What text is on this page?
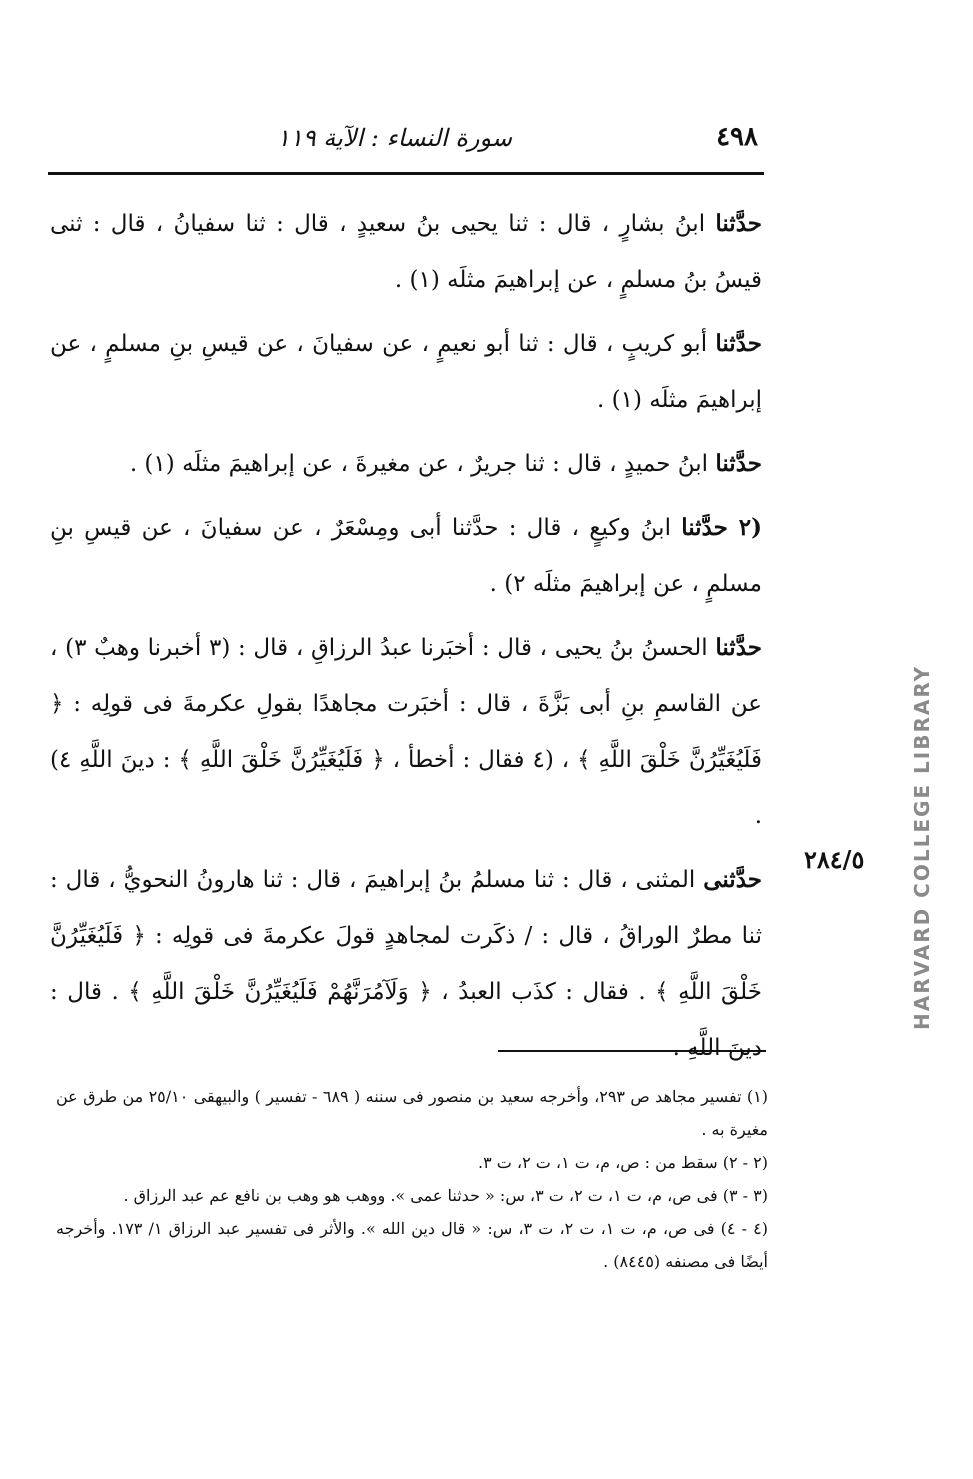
٤٩٨
سورة النساء : الآية ١١٩

حدَّثنا ابنُ بشارٍ ، قال : ثنا يحيى بنُ سعيدٍ ، قال : ثنا سفيانُ ، قال : ثنى قيسُ بنُ مسلمٍ ، عن إبراهيمَ مثلَه (١) .

حدَّثنا أبو كريبٍ ، قال : ثنا أبو نعيمٍ ، عن سفيانَ ، عن قيسِ بنِ مسلمٍ ، عن إبراهيمَ مثلَه (١) .

حدَّثنا ابنُ حميدٍ ، قال : ثنا جريرٌ ، عن مغيرةَ ، عن إبراهيمَ مثلَه (١) .

(٢ حدَّثنا ابنُ وكيعٍ ، قال : حدَّثنا أبى ومِسْعَرٌ ، عن سفيانَ ، عن قيسِ بنِ مسلمٍ ، عن إبراهيمَ مثلَه ٢) .

حدَّثنا الحسنُ بنُ يحيى ، قال : أخبَرنا عبدُ الرزاقِ ، قال : (٣ أخبرنا وهبٌ ٣) ، عن القاسمِ بنِ أبى بَزَّةَ ، قال : أخبَرت مجاهدًا بقولِ عكرمةَ فى قولِه : ﴿ فَلَيُغَيِّرُنَّ خَلْقَ اللَّهِ ﴾ ، (٤ فقال : أخطأ ، ﴿ فَلَيُغَيِّرُنَّ خَلْقَ اللَّهِ ﴾ : دينَ اللَّهِ ٤) .

حدَّثنى المثنى ، قال : ثنا مسلمُ بنُ إبراهيمَ ، قال : ثنا هارونُ النحويُّ ، قال : ثنا مطرٌ الوراقُ ، قال : / ذكَرت لمجاهدٍ قولَ عكرمةَ فى قولِه : ﴿ فَلَيُغَيِّرُنَّ خَلْقَ اللَّهِ ﴾ . فقال : كذَب العبدُ ، ﴿ وَلَآمُرَنَّهُمْ فَلَيُغَيِّرُنَّ خَلْقَ اللَّهِ ﴾ . قال : دينَ اللَّهِ .

٢٨٤/٥

(١) تفسير مجاهد ص ٢٩٣، وأخرجه سعيد بن منصور فى سننه ( ٦٨٩ - تفسير ) والبيهقى ٢٥/١٠ من طرق عن مغيرة به .

(٢ - ٢) سقط من : ص، م، ت ١، ت ٢، ت ٣.

(٣ - ٣) فى ص، م، ت ١، ت ٢، ت ٣، س: « حدثنا عمى ». ووهب هو وهب بن نافع عم عبد الرزاق .

(٤ - ٤) فى ص، م، ت ١، ت ٢، ت ٣، س: « قال دين الله ». والأثر فى تفسير عبد الرزاق ١/ ١٧٣. وأخرجه أيضًا فى مصنفه (٨٤٤٥) .

HARVARD COLLEGE LIBRARY
